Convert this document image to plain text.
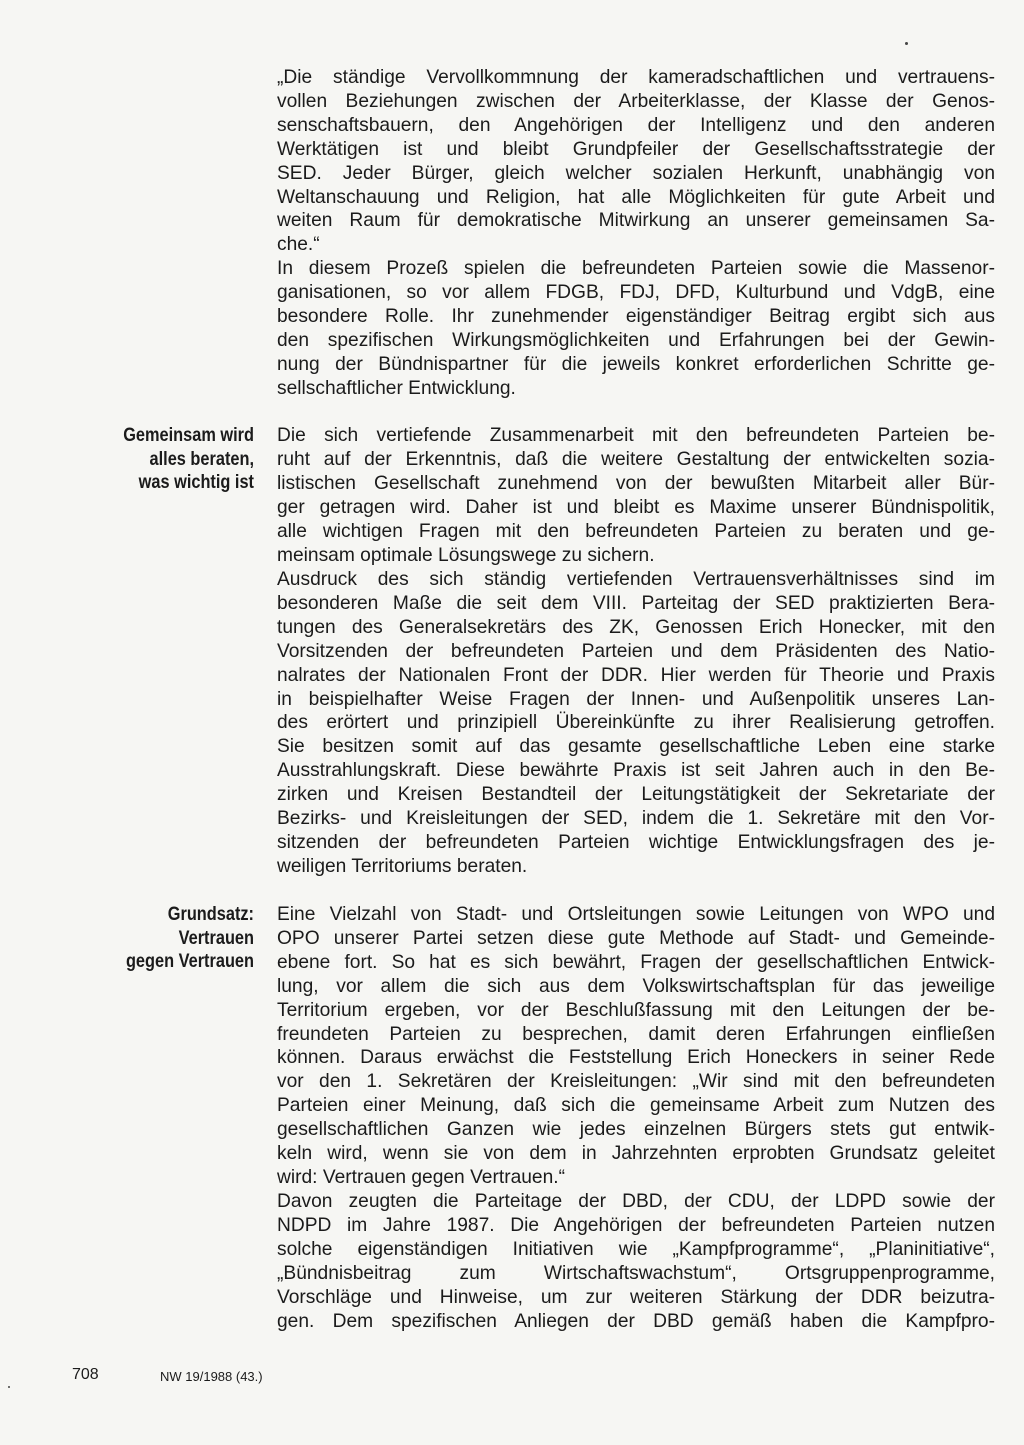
„Die ständige Vervollkommnung der kameradschaftlichen und vertrauens-
vollen Beziehungen zwischen der Arbeiterklasse, der Klasse der Genos-
senschaftsbauern, den Angehörigen der Intelligenz und den anderen
Werktätigen ist und bleibt Grundpfeiler der Gesellschaftsstrategie der
SED. Jeder Bürger, gleich welcher sozialen Herkunft, unabhängig von
Weltanschauung und Religion, hat alle Möglichkeiten für gute Arbeit und
weiten Raum für demokratische Mitwirkung an unserer gemeinsamen Sa-
che.“
In diesem Prozeß spielen die befreundeten Parteien sowie die Massenor-
ganisationen, so vor allem FDGB, FDJ, DFD, Kulturbund und VdgB, eine
besondere Rolle. Ihr zunehmender eigenständiger Beitrag ergibt sich aus
den spezifischen Wirkungsmöglichkeiten und Erfahrungen bei der Gewin-
nung der Bündnispartner für die jeweils konkret erforderlichen Schritte ge-
sellschaftlicher Entwicklung.
Gemeinsam wird
alles beraten,
was wichtig ist
Die sich vertiefende Zusammenarbeit mit den befreundeten Parteien be-
ruht auf der Erkenntnis, daß die weitere Gestaltung der entwickelten sozia-
listischen Gesellschaft zunehmend von der bewußten Mitarbeit aller Bür-
ger getragen wird. Daher ist und bleibt es Maxime unserer Bündnispolitik,
alle wichtigen Fragen mit den befreundeten Parteien zu beraten und ge-
meinsam optimale Lösungswege zu sichern.
Ausdruck des sich ständig vertiefenden Vertrauensverhältnisses sind im
besonderen Maße die seit dem VIII. Parteitag der SED praktizierten Bera-
tungen des Generalsekretärs des ZK, Genossen Erich Honecker, mit den
Vorsitzenden der befreundeten Parteien und dem Präsidenten des Natio-
nalrates der Nationalen Front der DDR. Hier werden für Theorie und Praxis
in beispielhafter Weise Fragen der Innen- und Außenpolitik unseres Lan-
des erörtert und prinzipiell Übereinkünfte zu ihrer Realisierung getroffen.
Sie besitzen somit auf das gesamte gesellschaftliche Leben eine starke
Ausstrahlungskraft. Diese bewährte Praxis ist seit Jahren auch in den Be-
zirken und Kreisen Bestandteil der Leitungstätigkeit der Sekretariate der
Bezirks- und Kreisleitungen der SED, indem die 1. Sekretäre mit den Vor-
sitzenden der befreundeten Parteien wichtige Entwicklungsfragen des je-
weiligen Territoriums beraten.
Grundsatz:
Vertrauen
gegen Vertrauen
Eine Vielzahl von Stadt- und Ortsleitungen sowie Leitungen von WPO und
OPO unserer Partei setzen diese gute Methode auf Stadt- und Gemeinde-
ebene fort. So hat es sich bewährt, Fragen der gesellschaftlichen Entwick-
lung, vor allem die sich aus dem Volkswirtschaftsplan für das jeweilige
Territorium ergeben, vor der Beschlußfassung mit den Leitungen der be-
freundeten Parteien zu besprechen, damit deren Erfahrungen einfließen
können. Daraus erwächst die Feststellung Erich Honeckers in seiner Rede
vor den 1. Sekretären der Kreisleitungen: „Wir sind mit den befreundeten
Parteien einer Meinung, daß sich die gemeinsame Arbeit zum Nutzen des
gesellschaftlichen Ganzen wie jedes einzelnen Bürgers stets gut entwik-
keln wird, wenn sie von dem in Jahrzehnten erprobten Grundsatz geleitet
wird: Vertrauen gegen Vertrauen.“
Davon zeugten die Parteitage der DBD, der CDU, der LDPD sowie der
NDPD im Jahre 1987. Die Angehörigen der befreundeten Parteien nutzen
solche eigenständigen Initiativen wie „Kampfprogramme“, „Planinitiative“,
„Bündnisbeitrag zum Wirtschaftswachstum“, Ortsgruppenprogramme,
Vorschläge und Hinweise, um zur weiteren Stärkung der DDR beizutra-
gen. Dem spezifischen Anliegen der DBD gemäß haben die Kampfpro-
708	NW 19/1988 (43.)
